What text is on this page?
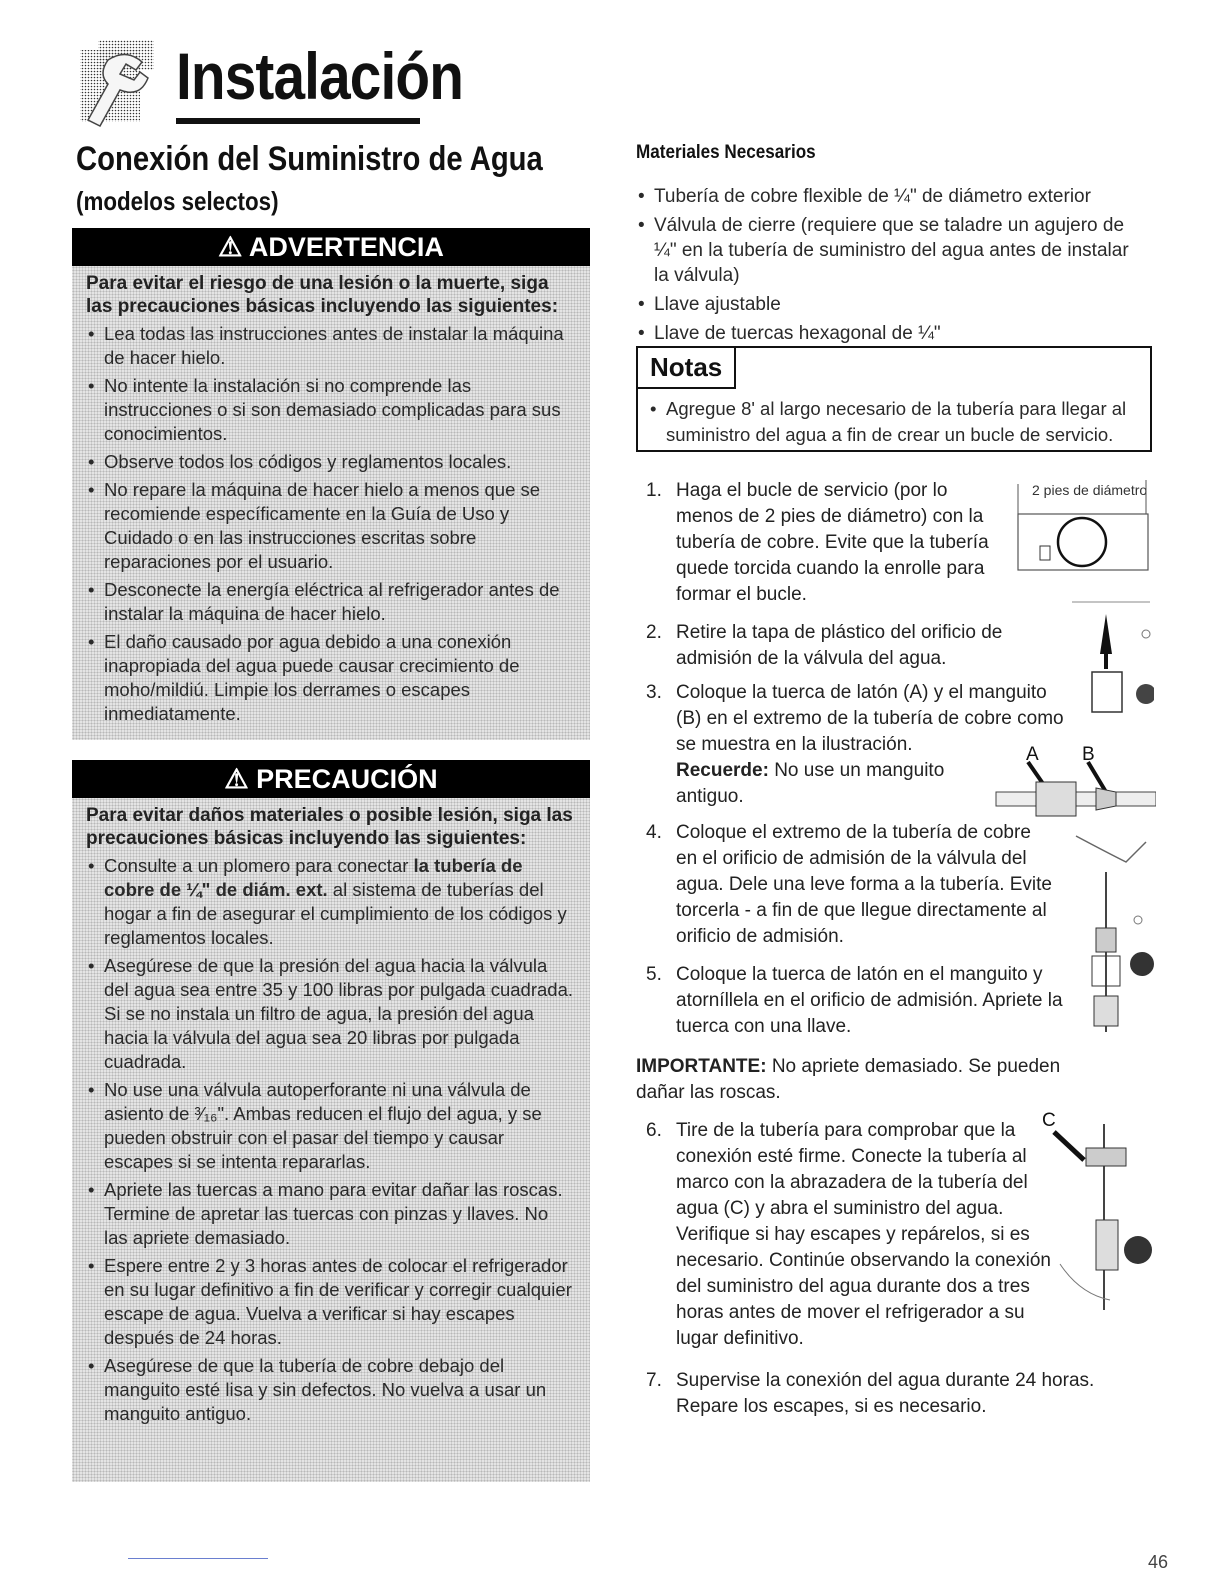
Instalación
Conexión del Suministro de Agua
(modelos selectos)
⚠ ADVERTENCIA
Para evitar el riesgo de una lesión o la muerte, siga las precauciones básicas incluyendo las siguientes:
• Lea todas las instrucciones antes de instalar la máquina de hacer hielo.
• No intente la instalación si no comprende las instrucciones o si son demasiado complicadas para sus conocimientos.
• Observe todos los códigos y reglamentos locales.
• No repare la máquina de hacer hielo a menos que se recomiende específicamente en la Guía de Uso y Cuidado o en las instrucciones escritas sobre reparaciones por el usuario.
• Desconecte la energía eléctrica al refrigerador antes de instalar la máquina de hacer hielo.
• El daño causado por agua debido a una conexión inapropiada del agua puede causar crecimiento de moho/mildiú. Limpie los derrames o escapes inmediatamente.
⚠ PRECAUCIÓN
Para evitar daños materiales o posible lesión, siga las precauciones básicas incluyendo las siguientes:
• Consulte a un plomero para conectar la tubería de cobre de ¼" de diám. ext. al sistema de tuberías del hogar a fin de asegurar el cumplimiento de los códigos y reglamentos locales.
• Asegúrese de que la presión del agua hacia la válvula del agua sea entre 35 y 100 libras por pulgada cuadrada. Si se no instala un filtro de agua, la presión del agua hacia la válvula del agua sea 20 libras por pulgada cuadrada.
• No use una válvula autoperforante ni una válvula de asiento de ³⁄₁₆". Ambas reducen el flujo del agua, y se pueden obstruir con el pasar del tiempo y causar escapes si se intenta repararlas.
• Apriete las tuercas a mano para evitar dañar las roscas. Termine de apretar las tuercas con pinzas y llaves. No las apriete demasiado.
• Espere entre 2 y 3 horas antes de colocar el refrigerador en su lugar definitivo a fin de verificar y corregir cualquier escape de agua. Vuelva a verificar si hay escapes después de 24 horas.
• Asegúrese de que la tubería de cobre debajo del manguito esté lisa y sin defectos. No vuelva a usar un manguito antiguo.
Materiales Necesarios
• Tubería de cobre flexible de ¼" de diámetro exterior
• Válvula de cierre (requiere que se taladre un agujero de ¼" en la tubería de suministro del agua antes de instalar la válvula)
• Llave ajustable
• Llave de tuercas hexagonal de ¼"
Notas
• Agregue 8' al largo necesario de la tubería para llegar al suministro del agua a fin de crear un bucle de servicio.
1. Haga el bucle de servicio (por lo menos de 2 pies de diámetro) con la tubería de cobre. Evite que la tubería quede torcida cuando la enrolle para formar el bucle.
2. Retire la tapa de plástico del orificio de admisión de la válvula del agua.
3. Coloque la tuerca de latón (A) y el manguito (B) en el extremo de la tubería de cobre como se muestra en la ilustración.
Recuerde: No use un manguito antiguo.
4. Coloque el extremo de la tubería de cobre en el orificio de admisión de la válvula del agua. Dele una leve forma a la tubería. Evite torcerla - a fin de que llegue directamente al orificio de admisión.
5. Coloque la tuerca de latón en el manguito y atorníllela en el orificio de admisión. Apriete la tuerca con una llave.
IMPORTANTE: No apriete demasiado. Se pueden dañar las roscas.
6. Tire de la tubería para comprobar que la conexión esté firme. Conecte la tubería al marco con la abrazadera de la tubería del agua (C) y abra el suministro del agua. Verifique si hay escapes y repárelos, si es necesario. Continúe observando la conexión del suministro del agua durante dos a tres horas antes de mover el refrigerador a su lugar definitivo.
7. Supervise la conexión del agua durante 24 horas. Repare los escapes, si es necesario.
2 pies de diámetro
A B
C
46
